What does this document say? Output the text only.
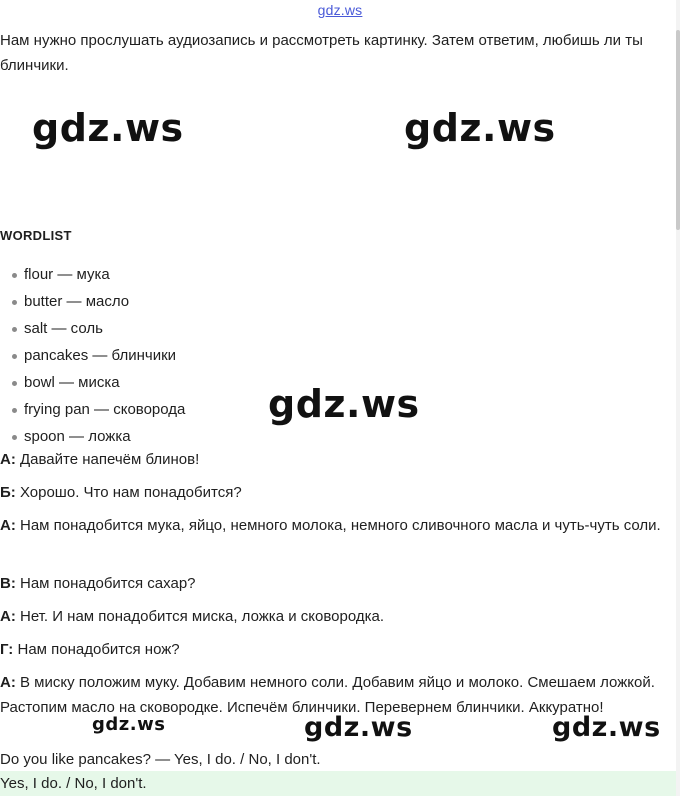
gdz.ws
Нам нужно прослушать аудиозапись и рассмотреть картинку. Затем ответим, любишь ли ты блинчики.
gdz.ws	gdz.ws
WORDLIST
flour — мука
butter — масло
salt — соль
pancakes — блинчики
bowl — миска
frying pan — сковорода
spoon — ложка
gdz.ws
А: Давайте напечём блинов!
Б: Хорошо. Что нам понадобится?
А: Нам понадобится мука, яйцо, немного молока, немного сливочного масла и чуть-чуть соли.
В: Нам понадобится сахар?
А: Нет. И нам понадобится миска, ложка и сковородка.
Г: Нам понадобится нож?
А: В миску положим муку. Добавим немного соли. Добавим яйцо и молоко. Смешаем ложкой. Растопим масло на сковородке. Испечём блинчики. Перевернем блинчики. Аккуратно!
gdz.ws	gdz.ws	gdz.ws
Do you like pancakes? — Yes, I do. / No, I don't.
Yes, I do. / No, I don't.
